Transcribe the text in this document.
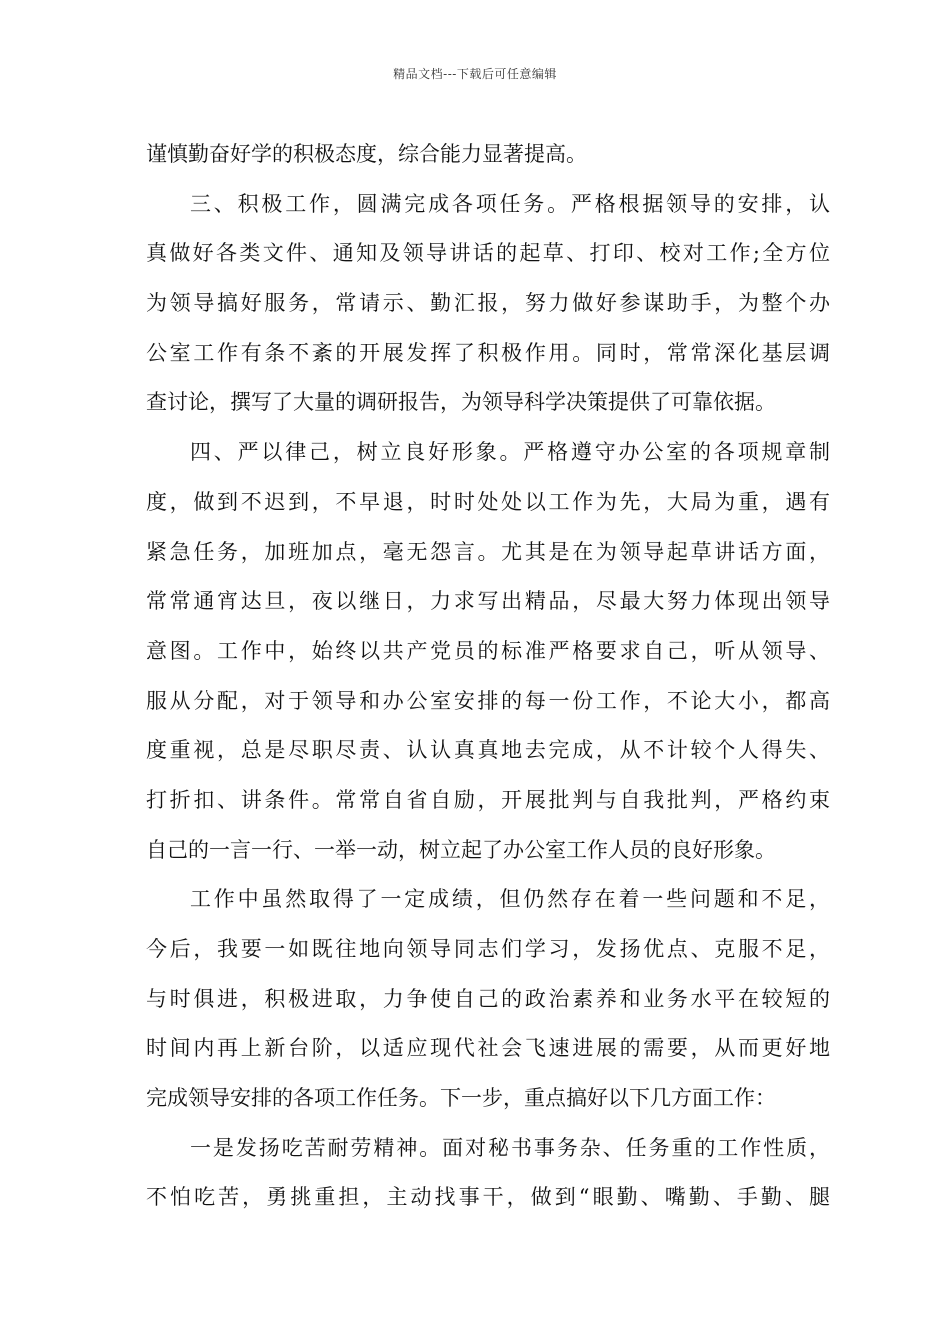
精品文档---下载后可任意编辑
谨慎勤奋好学的积极态度，综合能力显著提高。
三、积极工作，圆满完成各项任务。严格根据领导的安排，认
真做好各类文件、通知及领导讲话的起草、打印、校对工作;全方位
为领导搞好服务，常请示、勤汇报，努力做好参谋助手，为整个办
公室工作有条不紊的开展发挥了积极作用。同时，常常深化基层调
查讨论，撰写了大量的调研报告，为领导科学决策提供了可靠依据。
四、严以律己，树立良好形象。严格遵守办公室的各项规章制
度，做到不迟到，不早退，时时处处以工作为先，大局为重，遇有
紧急任务，加班加点，毫无怨言。尤其是在为领导起草讲话方面，
常常通宵达旦，夜以继日，力求写出精品，尽最大努力体现出领导
意图。工作中，始终以共产党员的标准严格要求自己，听从领导、
服从分配，对于领导和办公室安排的每一份工作，不论大小，都高
度重视，总是尽职尽责、认认真真地去完成，从不计较个人得失、
打折扣、讲条件。常常自省自励，开展批判与自我批判，严格约束
自己的一言一行、一举一动，树立起了办公室工作人员的良好形象。
工作中虽然取得了一定成绩，但仍然存在着一些问题和不足，
今后，我要一如既往地向领导同志们学习，发扬优点、克服不足，
与时俱进，积极进取，力争使自己的政治素养和业务水平在较短的
时间内再上新台阶，以适应现代社会飞速进展的需要，从而更好地
完成领导安排的各项工作任务。下一步，重点搞好以下几方面工作：
一是发扬吃苦耐劳精神。面对秘书事务杂、任务重的工作性质，
不怕吃苦，勇挑重担，主动找事干，做到“眼勤、嘴勤、手勤、腿
